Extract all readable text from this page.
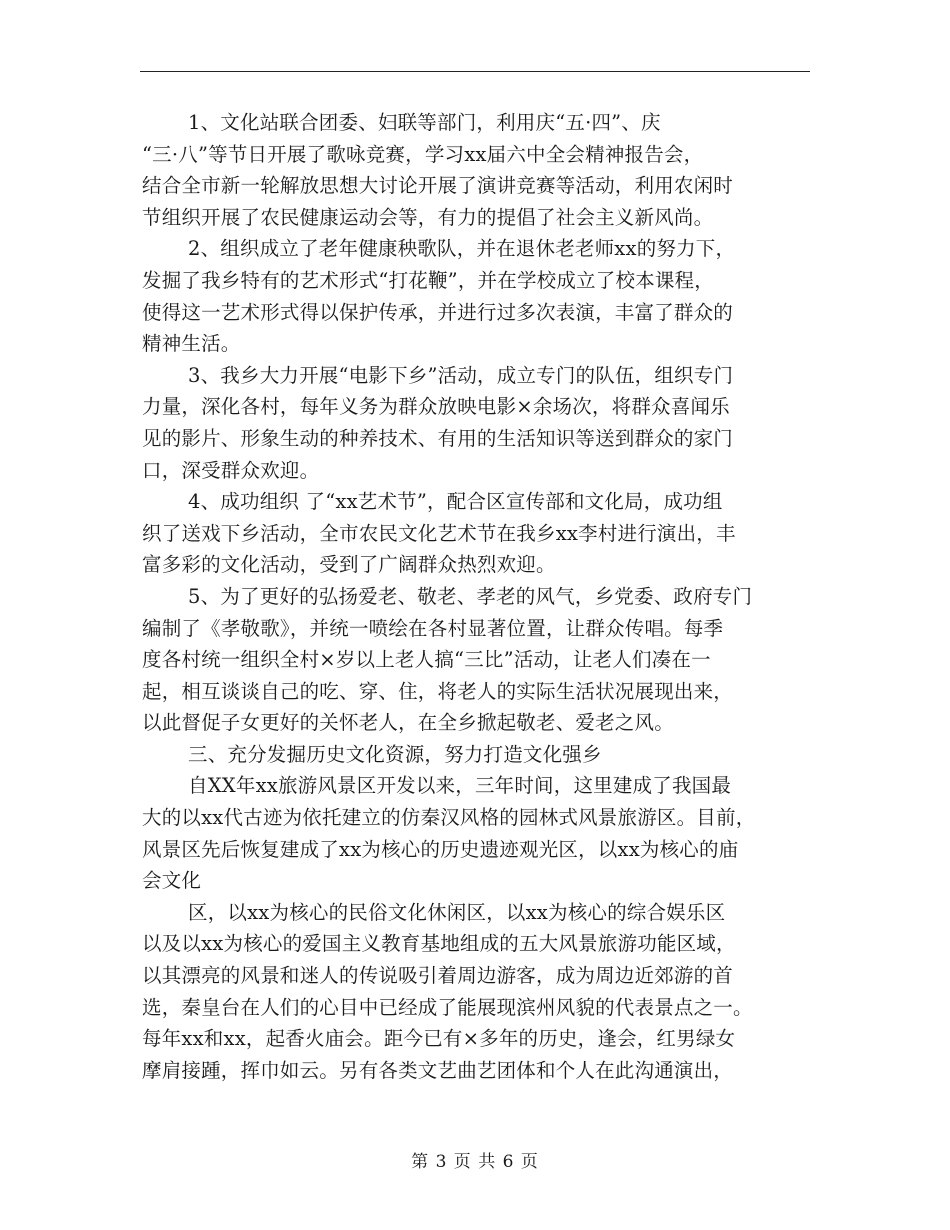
1、文化站联合团委、妇联等部门，利用庆“五·四”、庆
“三·八”等节日开展了歌咏竞赛，学习xx届六中全会精神报告会，
结合全市新一轮解放思想大讨论开展了演讲竞赛等活动，利用农闲时
节组织开展了农民健康运动会等，有力的提倡了社会主义新风尚。
2、组织成立了老年健康秧歌队，并在退休老老师xx的努力下，
发掘了我乡特有的艺术形式“打花鞭”，并在学校成立了校本课程，
使得这一艺术形式得以保护传承，并进行过多次表演，丰富了群众的
精神生活。
3、我乡大力开展“电影下乡”活动，成立专门的队伍，组织专门
力量，深化各村，每年义务为群众放映电影×余场次，将群众喜闻乐
见的影片、形象生动的种养技术、有用的生活知识等送到群众的家门
口，深受群众欢迎。
4、成功组织 了“xx艺术节”，配合区宣传部和文化局，成功组
织了送戏下乡活动，全市农民文化艺术节在我乡xx李村进行演出，丰
富多彩的文化活动，受到了广阔群众热烈欢迎。
5、为了更好的弘扬爱老、敬老、孝老的风气，乡党委、政府专门
编制了《孝敬歌》，并统一喷绘在各村显著位置，让群众传唱。每季
度各村统一组织全村×岁以上老人搞“三比”活动，让老人们凑在一
起，相互谈谈自己的吃、穿、住，将老人的实际生活状况展现出来，
以此督促子女更好的关怀老人，在全乡掀起敬老、爱老之风。
三、充分发掘历史文化资源，努力打造文化强乡
自XX年xx旅游风景区开发以来，三年时间，这里建成了我国最
大的以xx代古迹为依托建立的仿秦汉风格的园林式风景旅游区。目前，
风景区先后恢复建成了xx为核心的历史遗迹观光区，以xx为核心的庙
会文化
区，以xx为核心的民俗文化休闲区，以xx为核心的综合娱乐区
以及以xx为核心的爱国主义教育基地组成的五大风景旅游功能区域，
以其漂亮的风景和迷人的传说吸引着周边游客，成为周边近郊游的首
选，秦皇台在人们的心目中已经成了能展现滨州风貌的代表景点之一。
每年xx和xx，起香火庙会。距今已有×多年的历史，逢会，红男绿女
摩肩接踵，挥巾如云。另有各类文艺曲艺团体和个人在此沟通演出，
第 3 页 共 6 页
